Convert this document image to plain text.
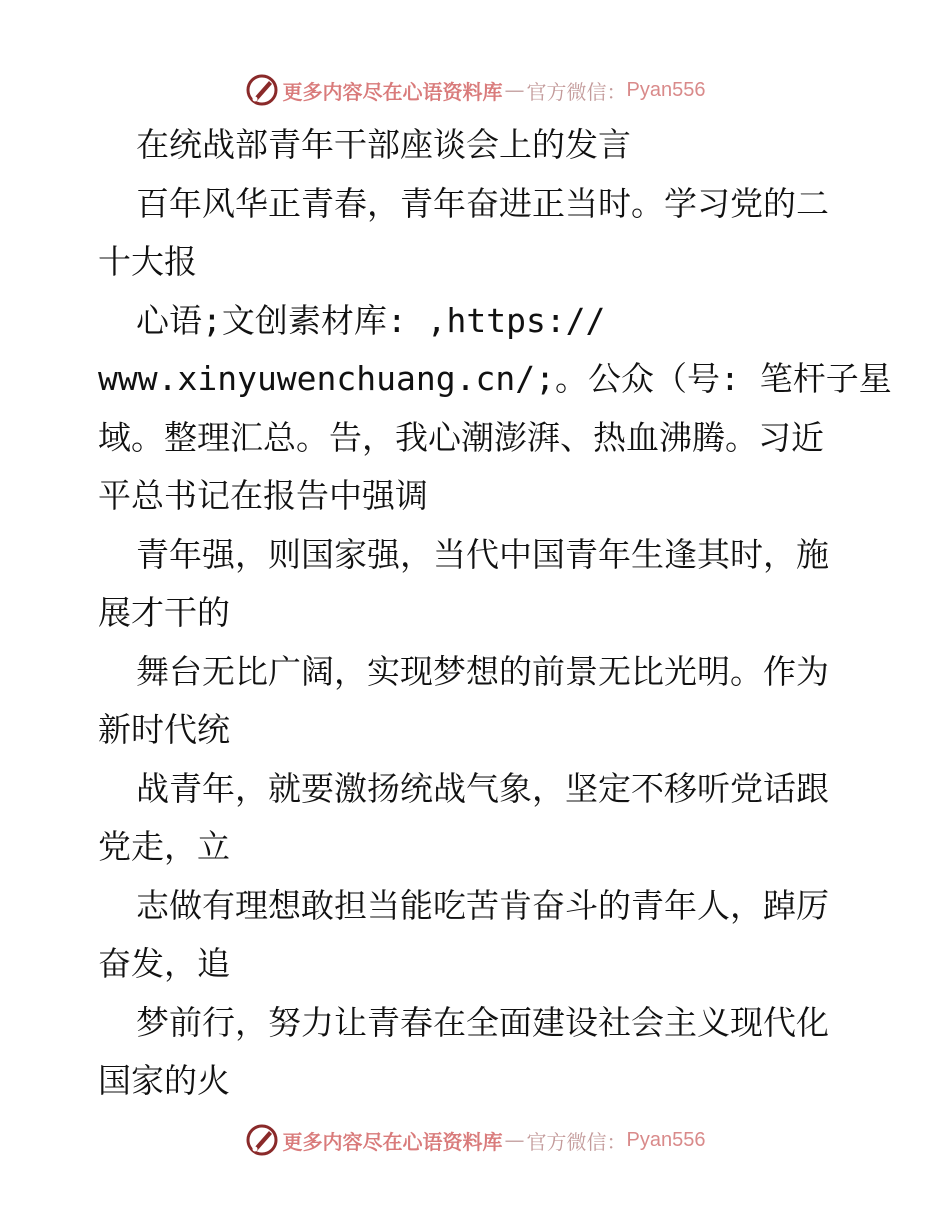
更多内容尽在心语资料库 — 官方微信： Pyan556
在统战部青年干部座谈会上的发言
百年风华正青春，青年奋进正当时。学习党的二
十大报
心语;文创素材库: ,https://
www.xinyuwenchuang.cn/;。公众（号: 笔杆子星
域。整理汇总。告，我心潮澎湃、热血沸腾。习近
平总书记在报告中强调
青年强，则国家强，当代中国青年生逢其时，施
展才干的
舞台无比广阔，实现梦想的前景无比光明。作为
新时代统
战青年，就要激扬统战气象，坚定不移听党话跟
党走，立
志做有理想敢担当能吃苦肯奋斗的青年人，踔厉
奋发，追
梦前行，努力让青春在全面建设社会主义现代化
国家的火
更多内容尽在心语资料库 — 官方微信： Pyan556
